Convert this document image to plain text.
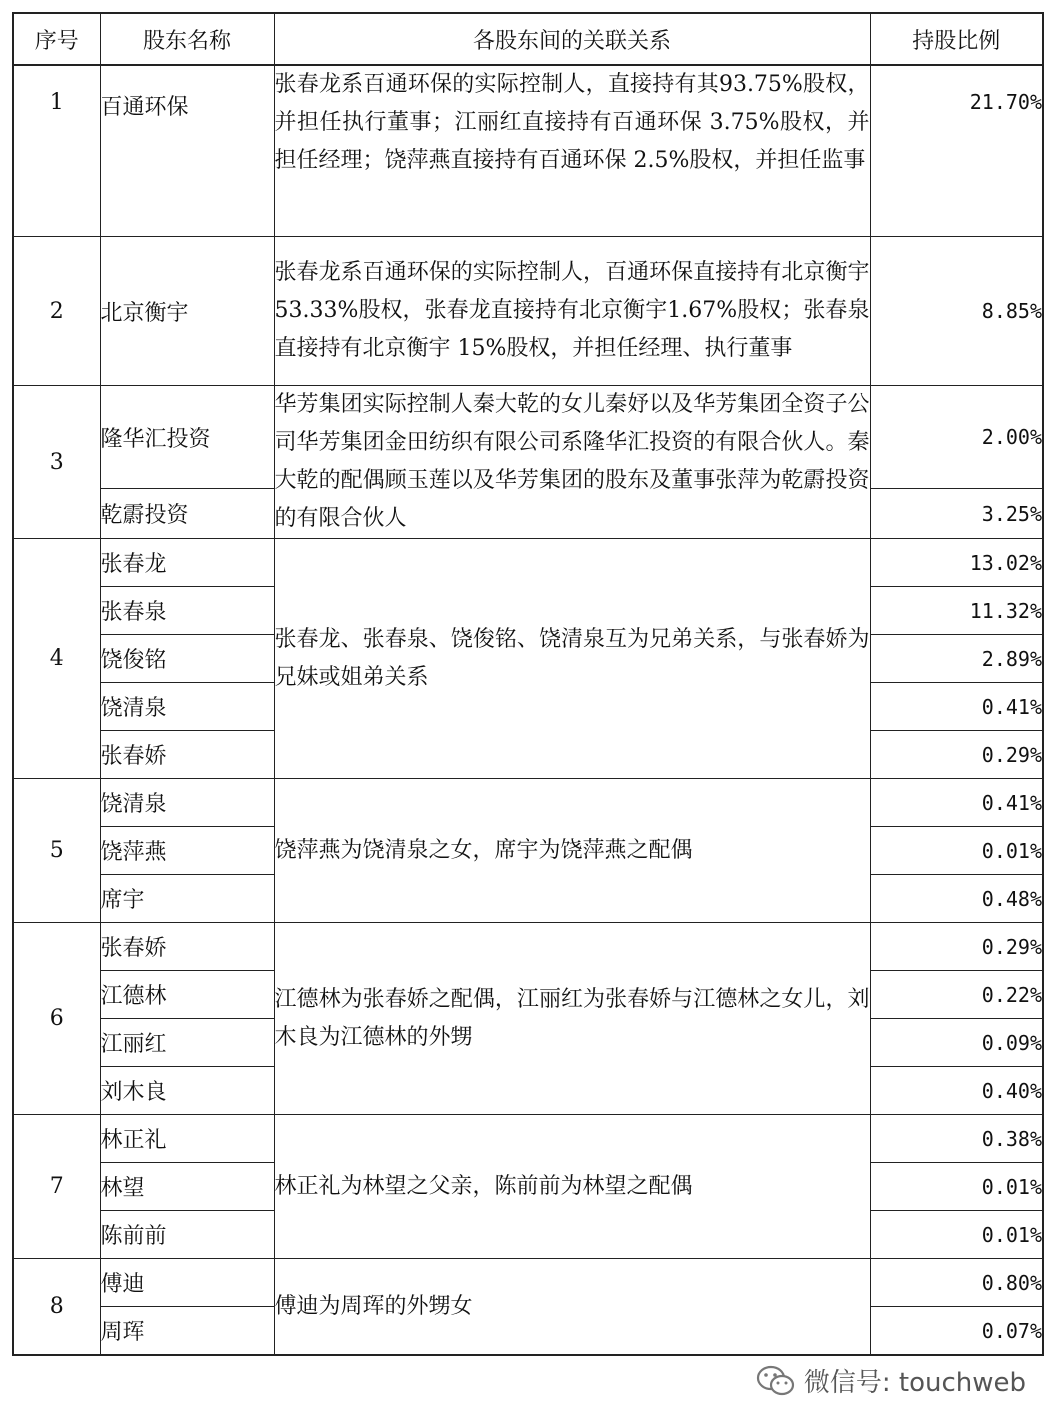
序号	股东名称	各股东间的关联关系	持股比例
1	百通环保	张春龙系百通环保的实际控制人，直接持有其93.75%股权，并担任执行董事；江丽红直接持有百通环保 3.75%股权，并担任经理；饶萍燕直接持有百通环保 2.5%股权，并担任监事	21.70%
2	北京衡宇	张春龙系百通环保的实际控制人，百通环保直接持有北京衡宇 53.33%股权，张春龙直接持有北京衡宇1.67%股权；张春泉直接持有北京衡宇 15%股权，并担任经理、执行董事	8.85%
3	隆华汇投资	华芳集团实际控制人秦大乾的女儿秦妤以及华芳集团全资子公司华芳集团金田纺织有限公司系隆华汇投资的有限合伙人。秦大乾的配偶顾玉莲以及华芳集团的股东及董事张萍为乾霨投资的有限合伙人	2.00%
	乾霨投资		3.25%
4	张春龙	张春龙、张春泉、饶俊铭、饶清泉互为兄弟关系，与张春娇为兄妹或姐弟关系	13.02%
	张春泉		11.32%
	饶俊铭		2.89%
	饶清泉		0.41%
	张春娇		0.29%
5	饶清泉	饶萍燕为饶清泉之女，席宇为饶萍燕之配偶	0.41%
	饶萍燕		0.01%
	席宇		0.48%
6	张春娇	江德林为张春娇之配偶，江丽红为张春娇与江德林之女儿，刘木良为江德林的外甥	0.29%
	江德林		0.22%
	江丽红		0.09%
	刘木良		0.40%
7	林正礼	林正礼为林望之父亲，陈前前为林望之配偶	0.38%
	林望		0.01%
	陈前前		0.01%
8	傅迪	傅迪为周珲的外甥女	0.80%
	周珲		0.07%
微信号: touchweb
